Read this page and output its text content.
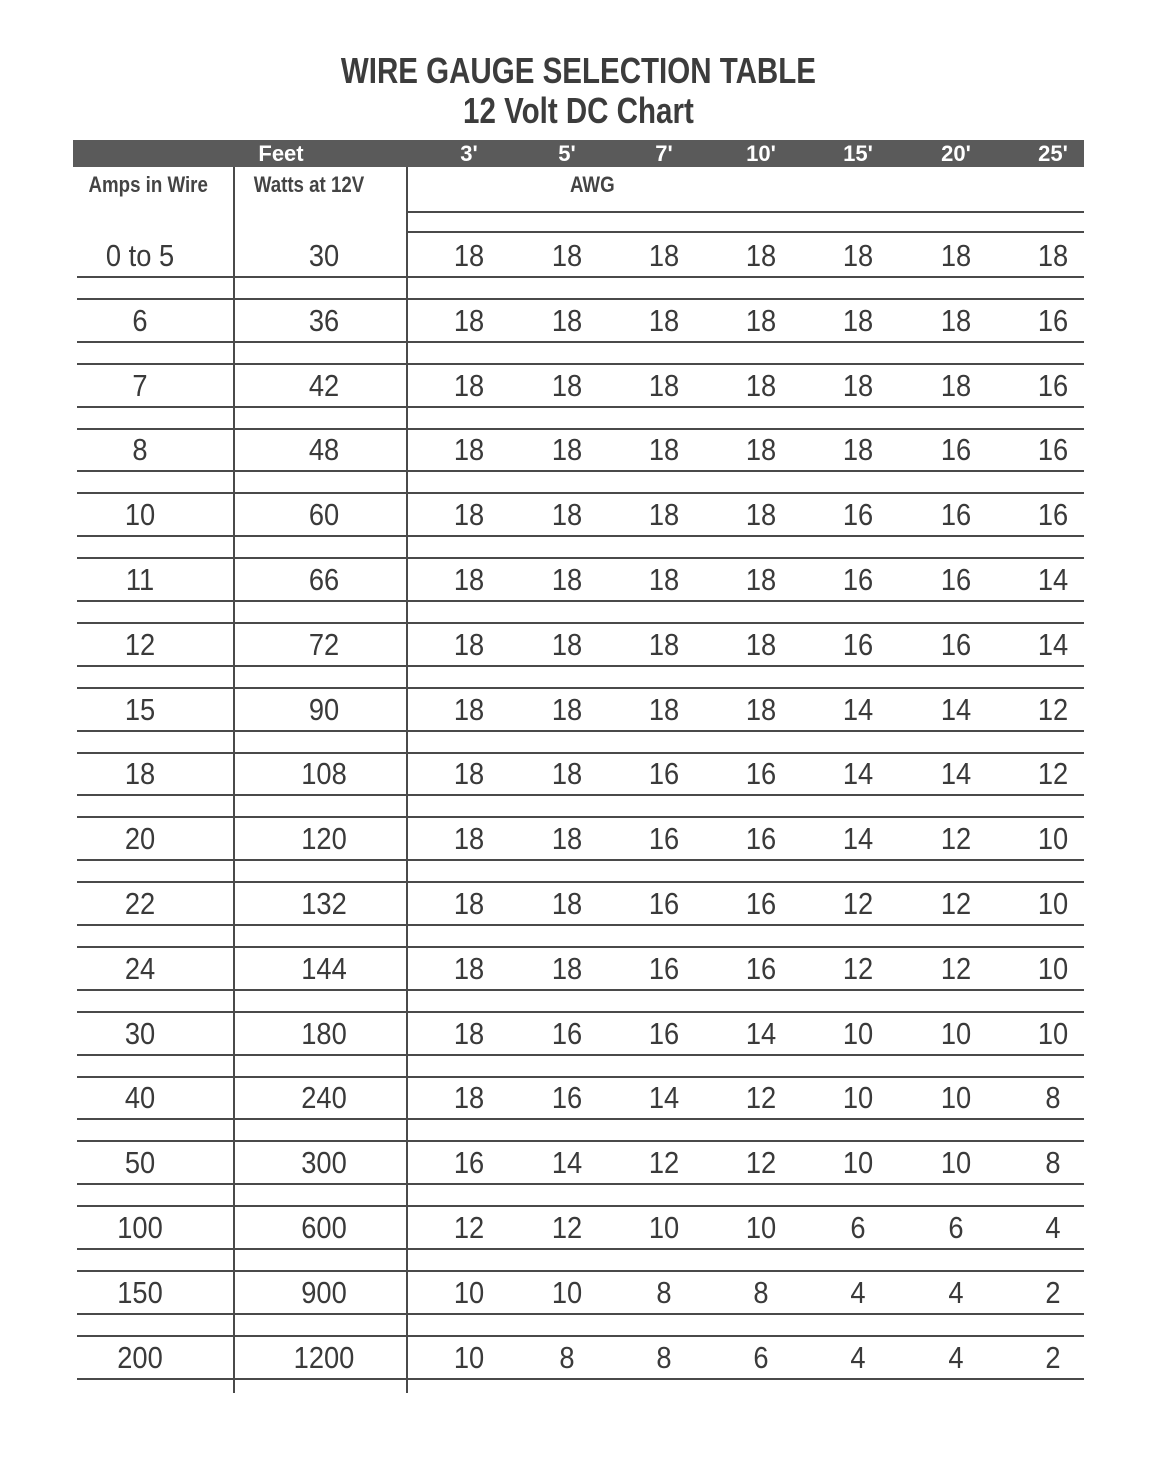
WIRE GAUGE SELECTION TABLE
12 Volt DC Chart
Feet	3'	5'	7'	10'	15'	20'	25'
Amps in Wire Watts at 12V	AWG
0 to 5	30	18	18	18	18	18	18	18
6	36	18	18	18	18	18	18	16
7	42	18	18	18	18	18	18	16
8	48	18	18	18	18	18	16	16
10	60	18	18	18	18	16	16	16
11	66	18	18	18	18	16	16	14
12	72	18	18	18	18	16	16	14
15	90	18	18	18	18	14	14	12
18	108	18	18	16	16	14	14	12
20	120	18	18	16	16	14	12	10
22	132	18	18	16	16	12	12	10
24	144	18	18	16	16	12	12	10
30	180	18	16	16	14	10	10	10
40	240	18	16	14	12	10	10	8
50	300	16	14	12	12	10	10	8
100	600	12	12	10	10	6	6	4
150	900	10	10	8	8	4	4	2
200	1200	10	8	8	6	4	4	2
